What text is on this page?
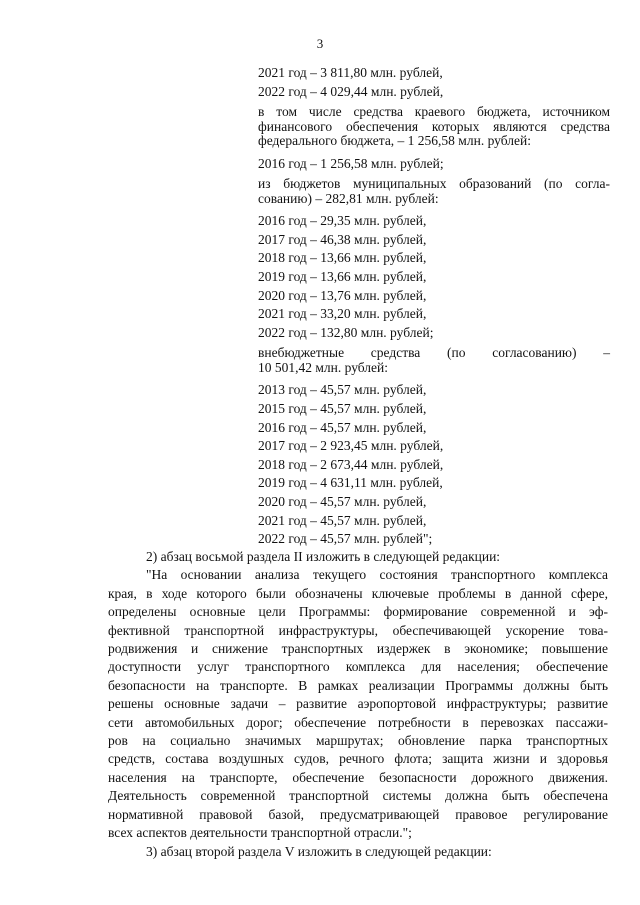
3
2021 год – 3 811,80 млн. рублей,
2022 год – 4 029,44 млн. рублей,
в том числе средства краевого бюджета, источником финансового обеспечения которых являются средства федерального бюджета, – 1 256,58 млн. рублей:
2016 год – 1 256,58 млн. рублей;
из бюджетов муниципальных образований (по согла-сованию) – 282,81 млн. рублей:
2016 год – 29,35 млн. рублей,
2017 год – 46,38 млн. рублей,
2018 год – 13,66 млн. рублей,
2019 год – 13,66 млн. рублей,
2020 год – 13,76 млн. рублей,
2021 год – 33,20 млн. рублей,
2022 год – 132,80 млн. рублей;
внебюджетные средства (по согласованию) –
10 501,42 млн. рублей:
2013 год – 45,57 млн. рублей,
2015 год – 45,57 млн. рублей,
2016 год – 45,57 млн. рублей,
2017 год – 2 923,45 млн. рублей,
2018 год – 2 673,44 млн. рублей,
2019 год – 4 631,11 млн. рублей,
2020 год – 45,57 млн. рублей,
2021 год – 45,57 млн. рублей,
2022 год – 45,57 млн. рублей";

2) абзац восьмой раздела II изложить в следующей редакции:

"На основании анализа текущего состояния транспортного комплекса

края, в ходе которого были обозначены ключевые проблемы в данной сфере,

определены основные цели Программы: формирование современной и эф-

фективной транспортной инфраструктуры, обеспечивающей ускорение това-

родвижения и снижение транспортных издержек в экономике; повышение

доступности услуг транспортного комплекса для населения; обеспечение

безопасности на транспорте. В рамках реализации Программы должны быть

решены основные задачи – развитие аэропортовой инфраструктуры; развитие

сети автомобильных дорог; обеспечение потребности в перевозках пассажи-

ров на социально значимых маршрутах; обновление парка транспортных

средств, состава воздушных судов, речного флота; защита жизни и здоровья

населения на транспорте, обеспечение безопасности дорожного движения.

Деятельность современной транспортной системы должна быть обеспечена

нормативной правовой базой, предусматривающей правовое регулирование

всех аспектов деятельности транспортной отрасли.";

3) абзац второй раздела V изложить в следующей редакции:
